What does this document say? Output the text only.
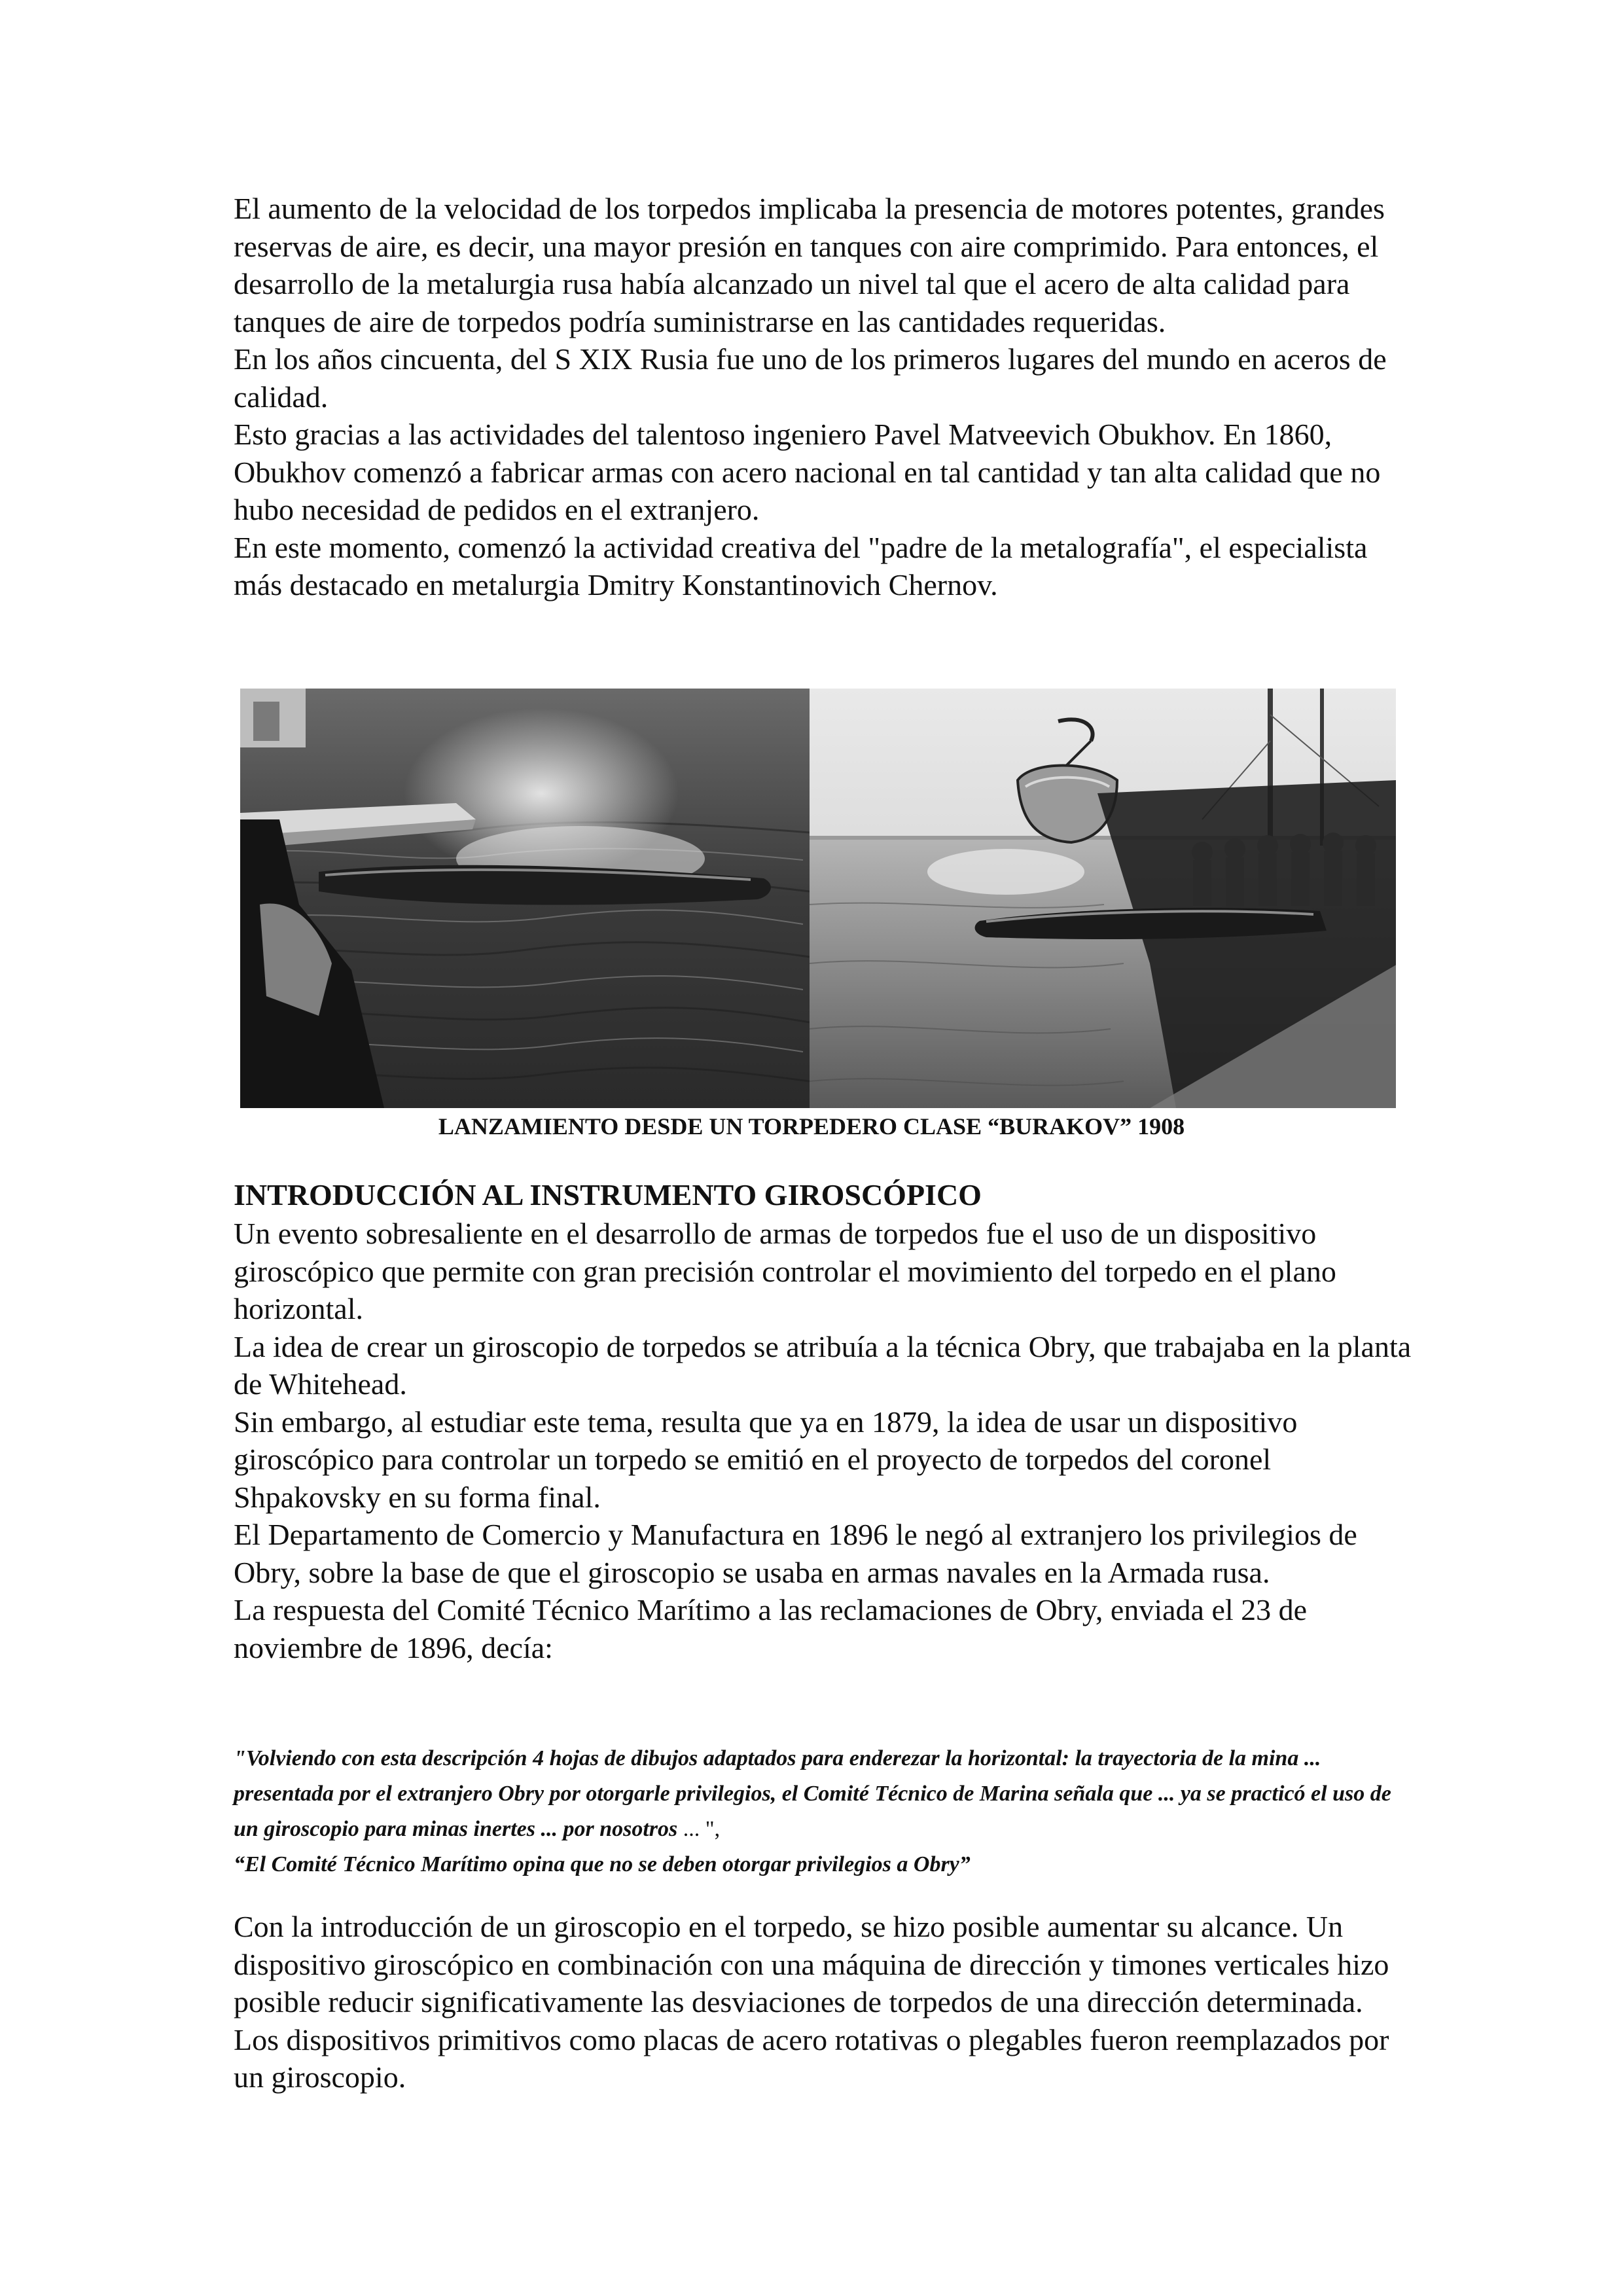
El aumento de la velocidad de los torpedos implicaba la presencia de motores potentes, grandes reservas de aire, es decir, una mayor presión en tanques con aire comprimido. Para entonces, el desarrollo de la metalurgia rusa había alcanzado un nivel tal que el acero de alta calidad para tanques de aire de torpedos podría suministrarse en las cantidades requeridas.

En los años cincuenta, del S XIX Rusia fue uno de los primeros lugares del mundo en aceros de calidad.

Esto gracias a las actividades del talentoso ingeniero Pavel Matveevich Obukhov. En 1860, Obukhov comenzó a fabricar armas con acero nacional en tal cantidad y tan alta calidad que no hubo necesidad de pedidos en el extranjero.

En este momento, comenzó la actividad creativa del "padre de la metalografía", el especialista más destacado en metalurgia Dmitry Konstantinovich Chernov.

LANZAMIENTO DESDE UN TORPEDERO CLASE “BURAKOV” 1908
INTRODUCCIÓN AL INSTRUMENTO GIROSCÓPICO

Un evento sobresaliente en el desarrollo de armas de torpedos fue el uso de un dispositivo giroscópico que permite con gran precisión controlar el movimiento del torpedo en el plano horizontal.

La idea de crear un giroscopio de torpedos se atribuía a la técnica Obry, que trabajaba en la planta de Whitehead.

Sin embargo, al estudiar este tema, resulta que ya en 1879, la idea de usar un dispositivo giroscópico para controlar un torpedo se emitió en el proyecto de torpedos del coronel Shpakovsky en su forma final.

El Departamento de Comercio y Manufactura en 1896 le negó al extranjero los privilegios de Obry, sobre la base de que el giroscopio se usaba en armas navales en la Armada rusa.

La respuesta del Comité Técnico Marítimo a las reclamaciones de Obry, enviada el 23 de noviembre de 1896, decía:

"Volviendo con esta descripción 4 hojas de dibujos adaptados para enderezar la horizontal: la trayectoria de la mina ... presentada por el extranjero Obry por otorgarle privilegios, el Comité Técnico de Marina señala que ... ya se practicó el uso de un giroscopio para minas inertes ... por nosotros ... ",
“El Comité Técnico Marítimo opina que no se deben otorgar privilegios a Obry”

Con la introducción de un giroscopio en el torpedo, se hizo posible aumentar su alcance. Un dispositivo giroscópico en combinación con una máquina de dirección y timones verticales hizo posible reducir significativamente las desviaciones de torpedos de una dirección determinada. Los dispositivos primitivos como placas de acero rotativas o plegables fueron reemplazados por un giroscopio.
